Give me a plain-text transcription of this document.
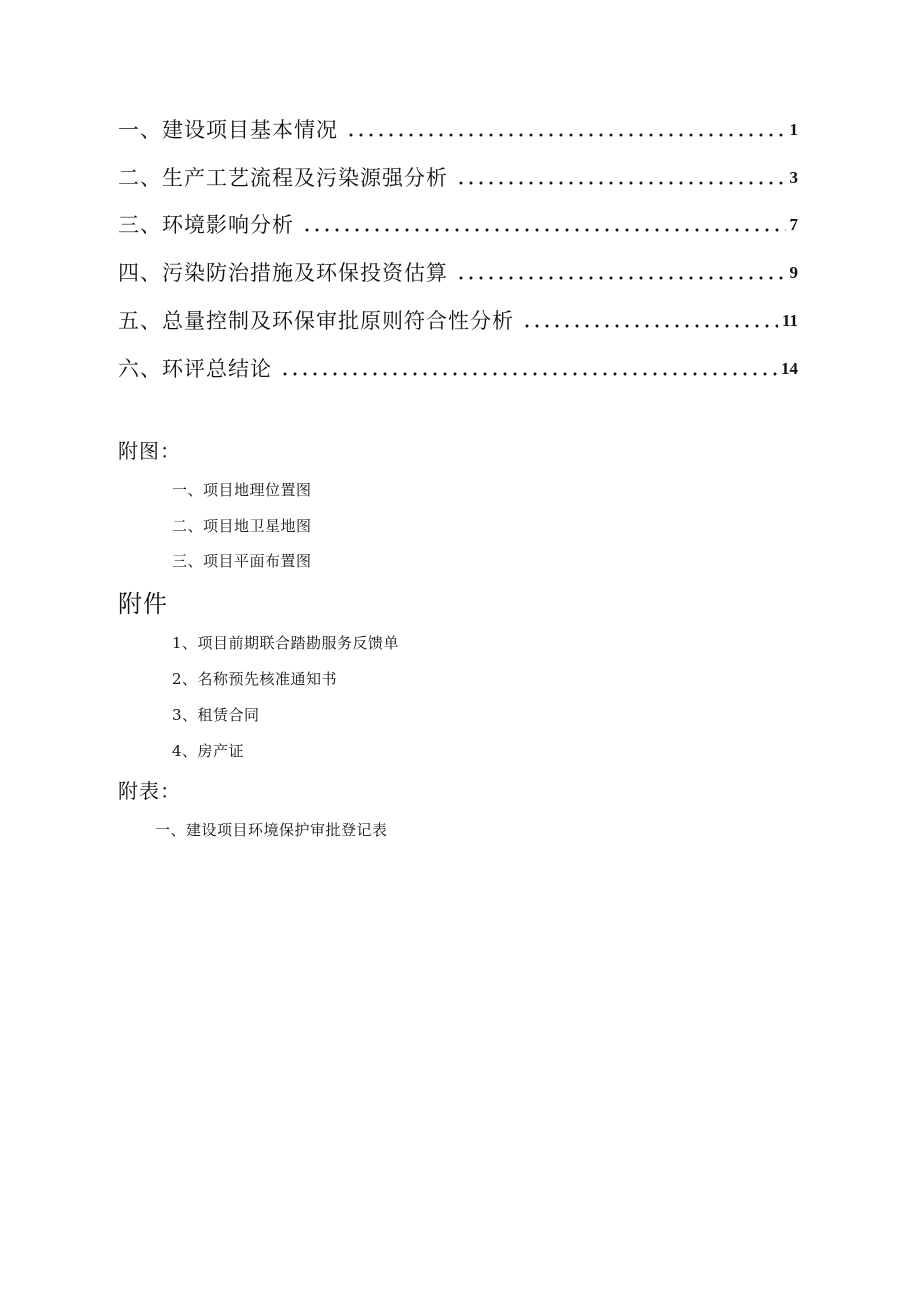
一、建设项目基本情况	1
二、生产工艺流程及污染源强分析	3
三、环境影响分析	7
四、污染防治措施及环保投资估算	9
五、总量控制及环保审批原则符合性分析	11
六、环评总结论	14
附图：
一、项目地理位置图
二、项目地卫星地图
三、项目平面布置图
附件
1、项目前期联合踏勘服务反馈单
2、名称预先核准通知书
3、租赁合同
4、房产证
附表：
一、建设项目环境保护审批登记表
